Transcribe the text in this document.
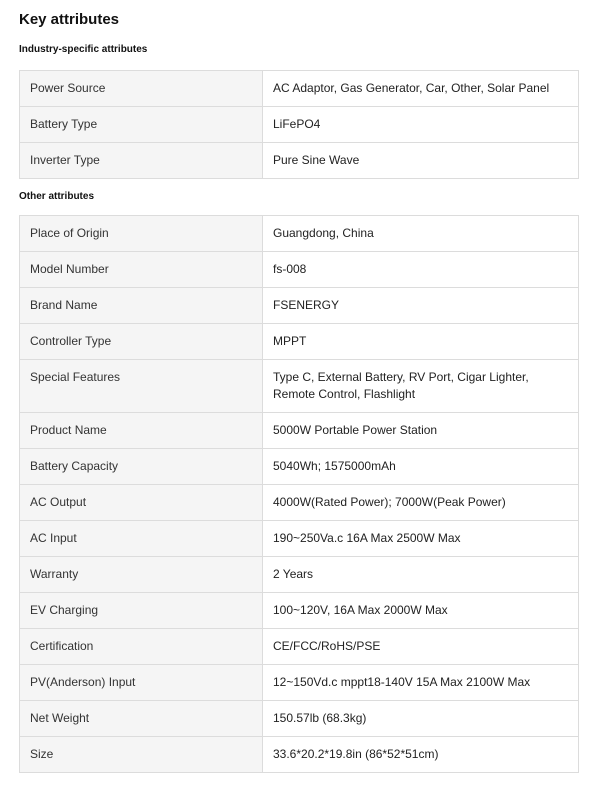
Key attributes
Industry-specific attributes
Power Source	AC Adaptor, Gas Generator, Car, Other, Solar Panel
Battery Type	LiFePO4
Inverter Type	Pure Sine Wave
Other attributes
Place of Origin	Guangdong, China
Model Number	fs-008
Brand Name	FSENERGY
Controller Type	MPPT
Special Features	Type C, External Battery, RV Port, Cigar Lighter, Remote Control, Flashlight
Product Name	5000W Portable Power Station
Battery Capacity	5040Wh; 1575000mAh
AC Output	4000W(Rated Power); 7000W(Peak Power)
AC Input	190~250Va.c 16A Max 2500W Max
Warranty	2 Years
EV Charging	100~120V, 16A Max 2000W Max
Certification	CE/FCC/RoHS/PSE
PV(Anderson) Input	12~150Vd.c mppt18-140V 15A Max 2100W Max
Net Weight	150.57lb (68.3kg)
Size	33.6*20.2*19.8in (86*52*51cm)
